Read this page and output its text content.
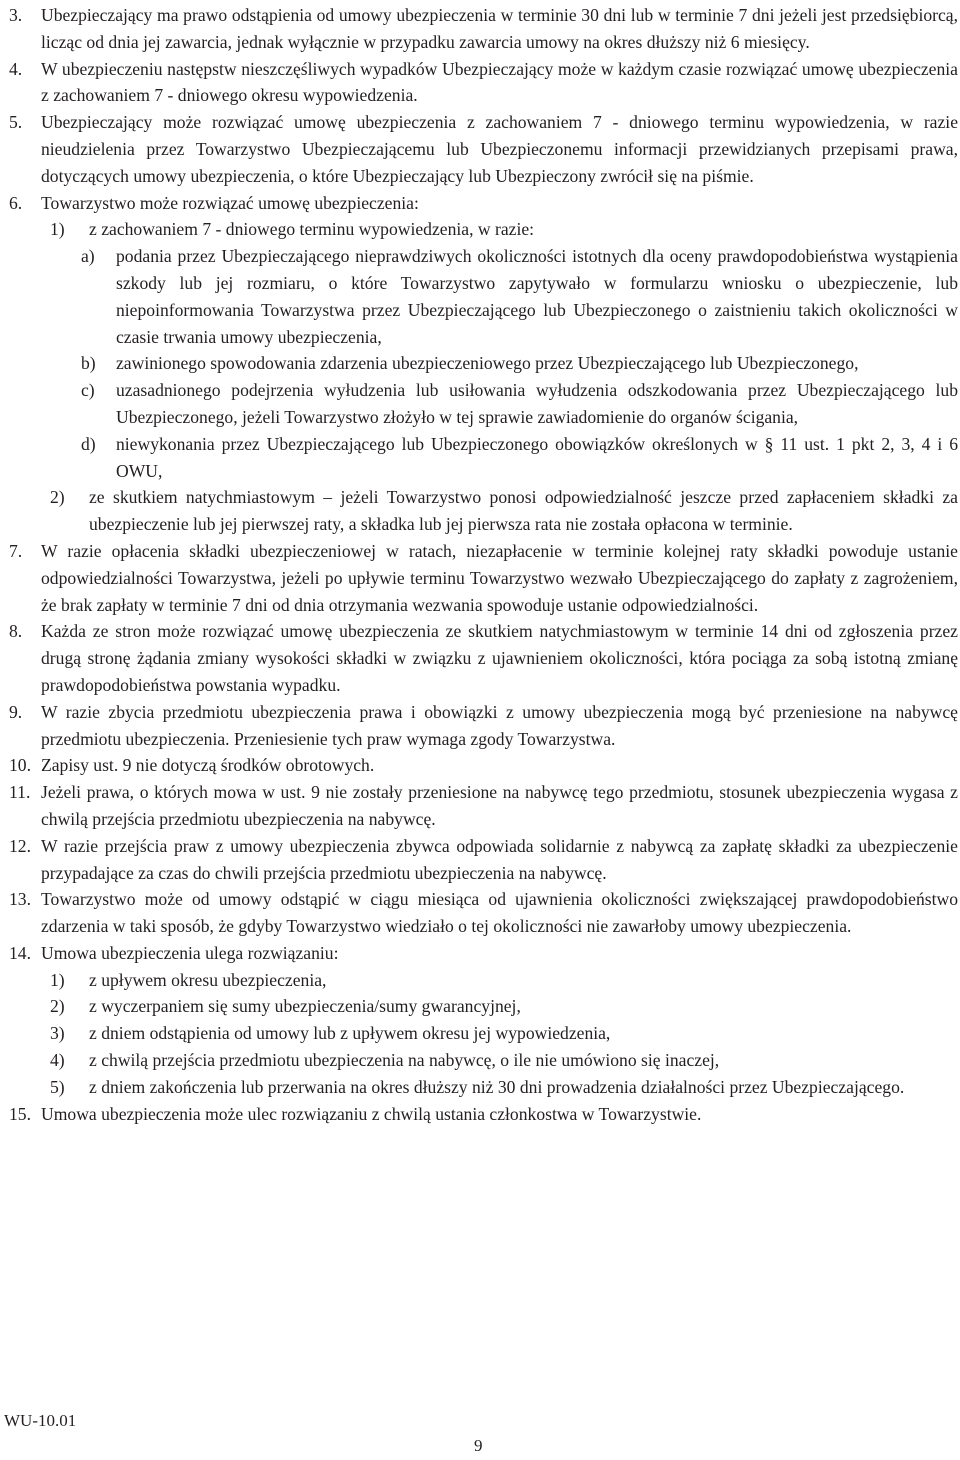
3.	Ubezpieczający ma prawo odstąpienia od umowy ubezpieczenia w terminie 30 dni lub w terminie 7 dni jeżeli jest przedsiębiorcą, licząc od dnia jej zawarcia, jednak wyłącznie w przypadku zawarcia umowy na okres dłuższy niż 6 miesięcy.
4.	W ubezpieczeniu następstw nieszczęśliwych wypadków Ubezpieczający może w każdym czasie rozwiązać umowę ubezpieczenia z zachowaniem 7 - dniowego okresu wypowiedzenia.
5.	Ubezpieczający może rozwiązać umowę ubezpieczenia z zachowaniem 7 - dniowego terminu wypowiedzenia, w razie nieudzielenia przez Towarzystwo Ubezpieczającemu lub Ubezpieczonemu informacji przewidzianych przepisami prawa, dotyczących umowy ubezpieczenia, o które Ubezpieczający lub Ubezpieczony zwrócił się na piśmie.
6.	Towarzystwo może rozwiązać umowę ubezpieczenia:
1)	z zachowaniem 7 - dniowego terminu wypowiedzenia, w razie:
a)	podania przez Ubezpieczającego nieprawdziwych okoliczności istotnych dla oceny prawdopodobieństwa wystąpienia szkody lub jej rozmiaru, o które Towarzystwo zapytywało w formularzu wniosku o ubezpieczenie, lub niepoinformowania Towarzystwa przez Ubezpieczającego lub Ubezpieczonego o zaistnieniu takich okoliczności w czasie trwania umowy ubezpieczenia,
b)	zawinionego spowodowania zdarzenia ubezpieczeniowego przez Ubezpieczającego lub Ubezpieczonego,
c)	uzasadnionego podejrzenia wyłudzenia lub usiłowania wyłudzenia odszkodowania przez Ubezpieczającego lub Ubezpieczonego, jeżeli Towarzystwo złożyło w tej sprawie zawiadomienie do organów ścigania,
d)	niewykonania przez Ubezpieczającego lub Ubezpieczonego obowiązków określonych w § 11 ust. 1 pkt 2, 3, 4 i 6 OWU,
2)	ze skutkiem natychmiastowym – jeżeli Towarzystwo ponosi odpowiedzialność jeszcze przed zapłaceniem składki za ubezpieczenie lub jej pierwszej raty, a składka lub jej pierwsza rata nie została opłacona w terminie.
7.	W razie opłacenia składki ubezpieczeniowej w ratach, niezapłacenie w terminie kolejnej raty składki powoduje ustanie odpowiedzialności Towarzystwa, jeżeli po upływie terminu Towarzystwo wezwało Ubezpieczającego do zapłaty z zagrożeniem, że brak zapłaty w terminie 7 dni od dnia otrzymania wezwania spowoduje ustanie odpowiedzialności.
8.	Każda ze stron może rozwiązać umowę ubezpieczenia ze skutkiem natychmiastowym w terminie 14 dni od zgłoszenia przez drugą stronę żądania zmiany wysokości składki w związku z ujawnieniem okoliczności, która pociąga za sobą istotną zmianę prawdopodobieństwa powstania wypadku.
9.	W razie zbycia przedmiotu ubezpieczenia prawa i obowiązki z umowy ubezpieczenia mogą być przeniesione na nabywcę przedmiotu ubezpieczenia. Przeniesienie tych praw wymaga zgody Towarzystwa.
10. Zapisy ust. 9 nie dotyczą środków obrotowych.
11. Jeżeli prawa, o których mowa w ust. 9 nie zostały przeniesione na nabywcę tego przedmiotu, stosunek ubezpieczenia wygasa z chwilą przejścia przedmiotu ubezpieczenia na nabywcę.
12. W razie przejścia praw z umowy ubezpieczenia zbywca odpowiada solidarnie z nabywcą za zapłatę składki za ubezpieczenie przypadające za czas do chwili przejścia przedmiotu ubezpieczenia na nabywcę.
13. Towarzystwo może od umowy odstąpić w ciągu miesiąca od ujawnienia okoliczności zwiększającej prawdopodobieństwo zdarzenia w taki sposób, że gdyby Towarzystwo wiedziało o tej okoliczności nie zawarłoby umowy ubezpieczenia.
14. Umowa ubezpieczenia ulega rozwiązaniu:
1)	z upływem okresu ubezpieczenia,
2)	z wyczerpaniem się sumy ubezpieczenia/sumy gwarancyjnej,
3)	z dniem odstąpienia od umowy lub z upływem okresu jej wypowiedzenia,
4)	z chwilą przejścia przedmiotu ubezpieczenia na nabywcę, o ile nie umówiono się inaczej,
5)	z dniem zakończenia lub przerwania na okres dłuższy niż 30 dni prowadzenia działalności przez Ubezpieczającego.
15. Umowa ubezpieczenia może ulec rozwiązaniu z chwilą ustania członkostwa w Towarzystwie.
WU-10.01
9
